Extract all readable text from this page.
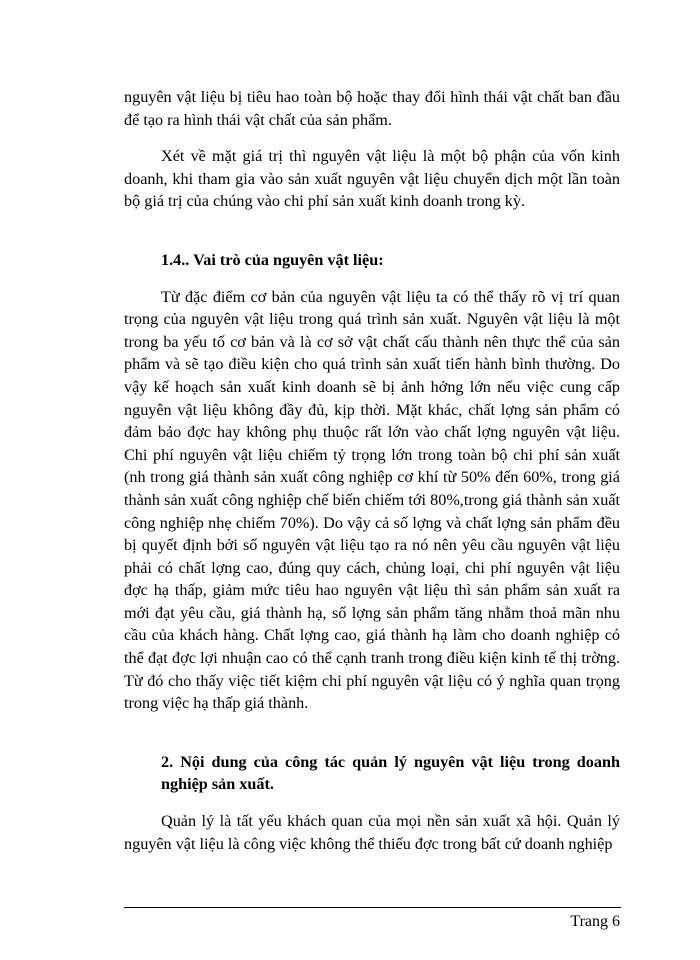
nguyên vật liệu bị tiêu hao toàn bộ hoặc thay đổi hình thái vật chất ban đầu để tạo ra hình thái vật chất của sản phẩm.

Xét về mặt giá trị thì nguyên vật liệu là một bộ phận của vốn kinh doanh, khi tham gia vào sản xuất nguyên vật liệu chuyển dịch một lần toàn bộ giá trị của chúng vào chi phí sản xuất kinh doanh trong kỳ.

1.4.. Vai trò của nguyên vật liệu:

Từ đặc điểm cơ bản của nguyên vật liệu ta có thể thấy rõ vị trí quan trọng của nguyên vật liệu trong quá trình sản xuất. Nguyên vật liệu là một trong ba yếu tố cơ bản và là cơ sở vật chất cấu thành nên thực thể của sản phẩm và sẽ tạo điều kiện cho quá trình sản xuất tiến hành bình thường. Do vậy kế hoạch sản xuất kinh doanh sẽ bị ảnh hởng lớn nếu việc cung cấp nguyên vật liệu không đầy đủ, kịp thời. Mặt khác, chất lợng sản phẩm có đảm bảo đợc hay không phụ thuộc rất lớn vào chất lợng nguyên vật liệu. Chi phí nguyên vật liệu chiếm tỷ trọng lớn trong toàn bộ chi phí sản xuất (nh trong giá thành sản xuất công nghiệp cơ khí từ 50% đến 60%, trong giá thành sản xuất công nghiệp chế biến chiếm tới 80%,trong giá thành sản xuất công nghiệp nhẹ chiếm 70%). Do vậy cả số lợng và chất lợng sản phẩm đều bị quyết định bởi số nguyên vật liệu tạo ra nó nên yêu cầu nguyên vật liệu phải có chất lợng cao, đúng quy cách, chủng loại, chi phí nguyên vật liệu đợc hạ thấp, giảm mức tiêu hao nguyên vật liệu thì sản phẩm sản xuất ra mới đạt yêu cầu, giá thành hạ, số lợng sản phẩm tăng nhằm thoả mãn nhu cầu của khách hàng. Chất lợng cao, giá thành hạ làm cho doanh nghiệp có thể đạt đợc lợi nhuận cao có thể cạnh tranh trong điều kiện kinh tế thị trờng. Từ đó cho thấy việc tiết kiệm chi phí nguyên vật liệu có ý nghĩa quan trọng trong việc hạ thấp giá thành.

2. Nội dung của công tác quản lý nguyên vật liệu trong doanh nghiệp sản xuất.

Quản lý là tất yếu khách quan của mọi nền sản xuất xã hội. Quản lý nguyên vật liệu là công việc không thể thiếu đợc trong bất cứ doanh nghiệp

Trang 6
